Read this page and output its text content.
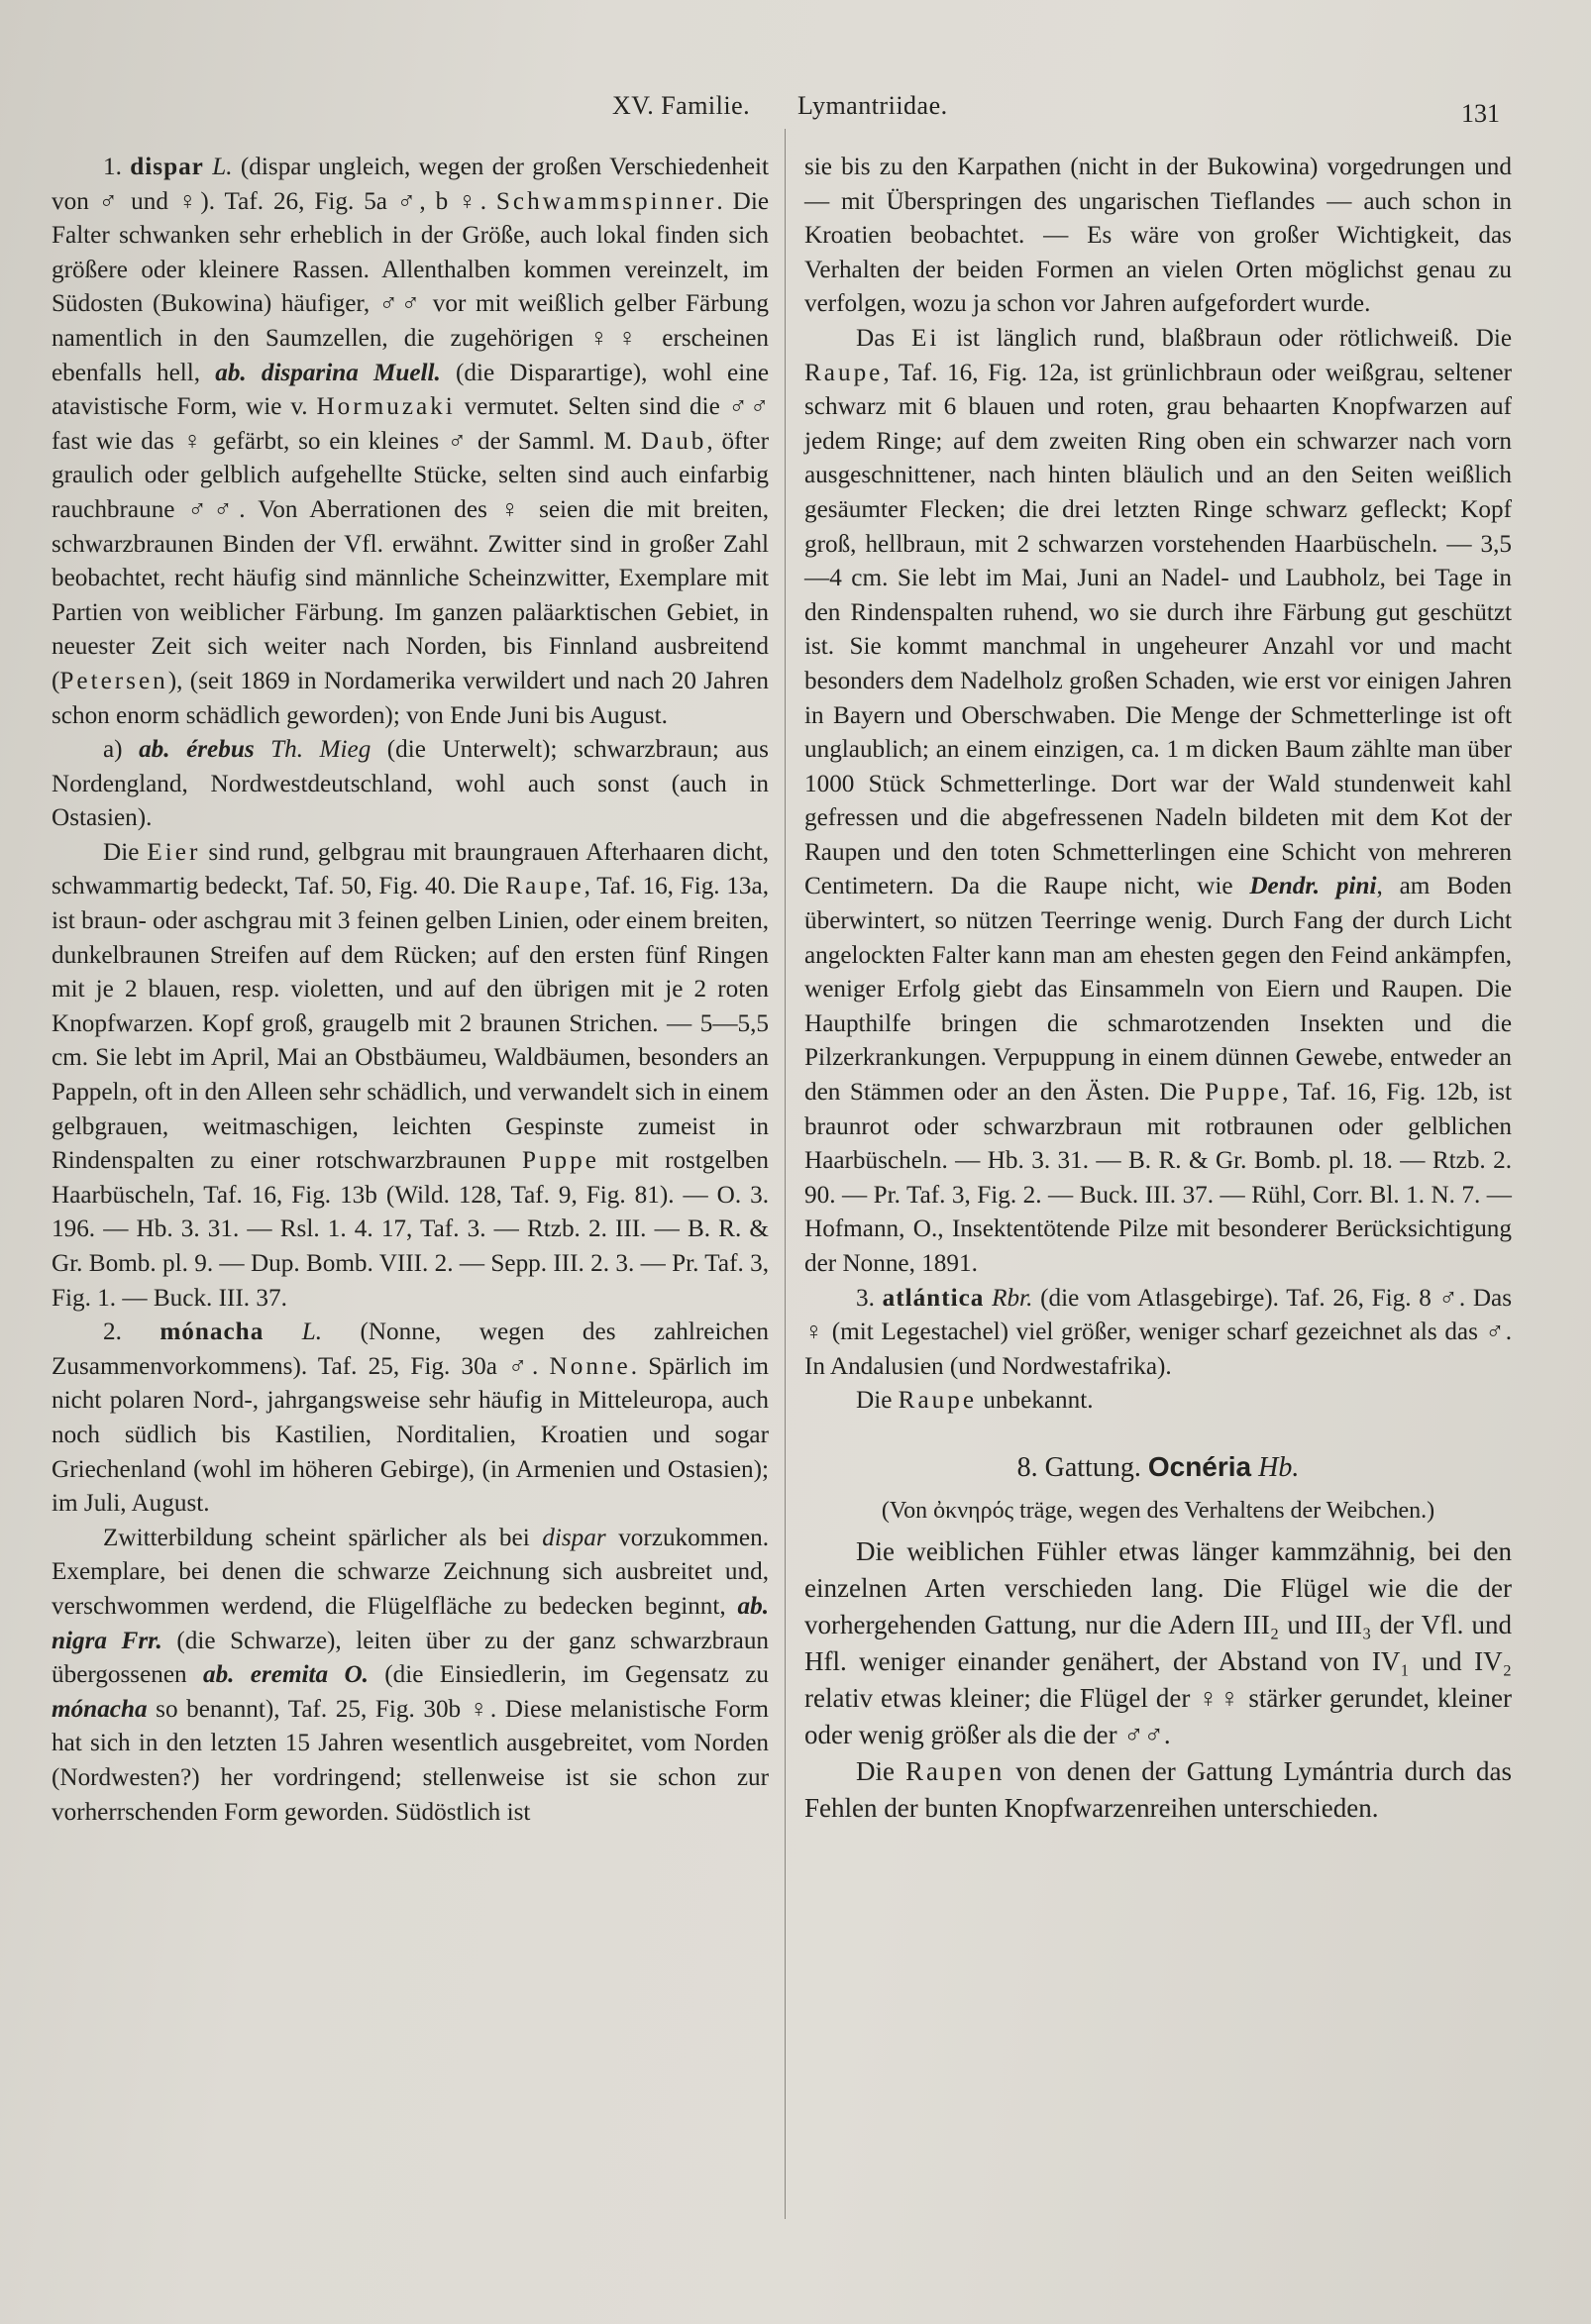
XV. Familie. Lymantriidae.	131

1. dispar L. (dispar ungleich, wegen der großen Verschiedenheit von ♂ und ♀). Taf. 26, Fig. 5a ♂, b ♀. Schwammspinner. Die Falter schwanken sehr erheblich in der Größe, auch lokal finden sich größere oder kleinere Rassen. Allenthalben kommen vereinzelt, im Südosten (Bukowina) häufiger, ♂♂ vor mit weißlich gelber Färbung namentlich in den Saumzellen, die zugehörigen ♀♀ erscheinen ebenfalls hell, ab. disparina Muell. (die Disparartige), wohl eine atavistische Form, wie v. Hormuzaki vermutet. Selten sind die ♂♂ fast wie das ♀ gefärbt, so ein kleines ♂ der Samml. M. Daub, öfter graulich oder gelblich aufgehellte Stücke, selten sind auch einfarbig rauchbraune ♂♂. Von Aberrationen des ♀ seien die mit breiten, schwarzbraunen Binden der Vfl. erwähnt. Zwitter sind in großer Zahl beobachtet, recht häufig sind männliche Scheinzwitter, Exemplare mit Partien von weiblicher Färbung. Im ganzen paläarktischen Gebiet, in neuester Zeit sich weiter nach Norden, bis Finnland ausbreitend (Petersen), (seit 1869 in Nordamerika verwildert und nach 20 Jahren schon enorm schädlich geworden); von Ende Juni bis August.

a) ab. érebus Th. Mieg (die Unterwelt); schwarzbraun; aus Nordengland, Nordwestdeutschland, wohl auch sonst (auch in Ostasien).

Die Eier sind rund, gelbgrau mit braungrauen Afterhaaren dicht, schwammartig bedeckt, Taf. 50, Fig. 40. Die Raupe, Taf. 16, Fig. 13a, ist braun- oder aschgrau mit 3 feinen gelben Linien, oder einem breiten, dunkelbraunen Streifen auf dem Rücken; auf den ersten fünf Ringen mit je 2 blauen, resp. violetten, und auf den übrigen mit je 2 roten Knopfwarzen. Kopf groß, graugelb mit 2 braunen Strichen. — 5—5,5 cm. Sie lebt im April, Mai an Obstbäumeu, Waldbäumen, besonders an Pappeln, oft in den Alleen sehr schädlich, und verwandelt sich in einem gelbgrauen, weitmaschigen, leichten Gespinste zumeist in Rindenspalten zu einer rotschwarzbraunen Puppe mit rostgelben Haarbüscheln, Taf. 16, Fig. 13b (Wild. 128, Taf. 9, Fig. 81). — O. 3. 196. — Hb. 3. 31. — Rsl. 1. 4. 17, Taf. 3. — Rtzb. 2. III. — B. R. & Gr. Bomb. pl. 9. — Dup. Bomb. VIII. 2. — Sepp. III. 2. 3. — Pr. Taf. 3, Fig. 1. — Buck. III. 37.

2. mónacha L. (Nonne, wegen des zahlreichen Zusammenvorkommens). Taf. 25, Fig. 30a ♂. Nonne. Spärlich im nicht polaren Nord-, jahrgangsweise sehr häufig in Mitteleuropa, auch noch südlich bis Kastilien, Norditalien, Kroatien und sogar Griechenland (wohl im höheren Gebirge), (in Armenien und Ostasien); im Juli, August.

Zwitterbildung scheint spärlicher als bei dispar vorzukommen. Exemplare, bei denen die schwarze Zeichnung sich ausbreitet und, verschwommen werdend, die Flügelfläche zu bedecken beginnt, ab. nigra Frr. (die Schwarze), leiten über zu der ganz schwarzbraun übergossenen ab. eremita O. (die Einsiedlerin, im Gegensatz zu mónacha so benannt), Taf. 25, Fig. 30b ♀. Diese melanistische Form hat sich in den letzten 15 Jahren wesentlich ausgebreitet, vom Norden (Nordwesten?) her vordringend; stellenweise ist sie schon zur vorherrschenden Form geworden. Südöstlich ist

sie bis zu den Karpathen (nicht in der Bukowina) vorgedrungen und — mit Überspringen des ungarischen Tieflandes — auch schon in Kroatien beobachtet. — Es wäre von großer Wichtigkeit, das Verhalten der beiden Formen an vielen Orten möglichst genau zu verfolgen, wozu ja schon vor Jahren aufgefordert wurde.

Das Ei ist länglich rund, blaßbraun oder rötlichweiß. Die Raupe, Taf. 16, Fig. 12a, ist grünlichbraun oder weißgrau, seltener schwarz mit 6 blauen und roten, grau behaarten Knopfwarzen auf jedem Ringe; auf dem zweiten Ring oben ein schwarzer nach vorn ausgeschnittener, nach hinten bläulich und an den Seiten weißlich gesäumter Flecken; die drei letzten Ringe schwarz gefleckt; Kopf groß, hellbraun, mit 2 schwarzen vorstehenden Haarbüscheln. — 3,5—4 cm. Sie lebt im Mai, Juni an Nadel- und Laubholz, bei Tage in den Rindenspalten ruhend, wo sie durch ihre Färbung gut geschützt ist. Sie kommt manchmal in ungeheurer Anzahl vor und macht besonders dem Nadelholz großen Schaden, wie erst vor einigen Jahren in Bayern und Oberschwaben. Die Menge der Schmetterlinge ist oft unglaublich; an einem einzigen, ca. 1 m dicken Baum zählte man über 1000 Stück Schmetterlinge. Dort war der Wald stundenweit kahl gefressen und die abgefressenen Nadeln bildeten mit dem Kot der Raupen und den toten Schmetterlingen eine Schicht von mehreren Centimetern. Da die Raupe nicht, wie Dendr. pini, am Boden überwintert, so nützen Teerringe wenig. Durch Fang der durch Licht angelockten Falter kann man am ehesten gegen den Feind ankämpfen, weniger Erfolg giebt das Einsammeln von Eiern und Raupen. Die Haupthilfe bringen die schmarotzenden Insekten und die Pilzerkrankungen. Verpuppung in einem dünnen Gewebe, entweder an den Stämmen oder an den Ästen. Die Puppe, Taf. 16, Fig. 12b, ist braunrot oder schwarzbraun mit rotbraunen oder gelblichen Haarbüscheln. — Hb. 3. 31. — B. R. & Gr. Bomb. pl. 18. — Rtzb. 2. 90. — Pr. Taf. 3, Fig. 2. — Buck. III. 37. — Rühl, Corr. Bl. 1. N. 7. — Hofmann, O., Insektentötende Pilze mit besonderer Berücksichtigung der Nonne, 1891.

3. atlántica Rbr. (die vom Atlasgebirge). Taf. 26, Fig. 8 ♂. Das ♀ (mit Legestachel) viel größer, weniger scharf gezeichnet als das ♂. In Andalusien (und Nordwestafrika).

Die Raupe unbekannt.

8. Gattung. Ocnéria Hb.

(Von ὀκνηρός träge, wegen des Verhaltens der Weibchen.)

Die weiblichen Fühler etwas länger kammzähnig, bei den einzelnen Arten verschieden lang. Die Flügel wie die der vorhergehenden Gattung, nur die Adern III₂ und III₃ der Vfl. und Hfl. weniger einander genähert, der Abstand von IV₁ und IV₂ relativ etwas kleiner; die Flügel der ♀♀ stärker gerundet, kleiner oder wenig größer als die der ♂♂.

Die Raupen von denen der Gattung Lymántria durch das Fehlen der bunten Knopfwarzenreihen unterschieden.
